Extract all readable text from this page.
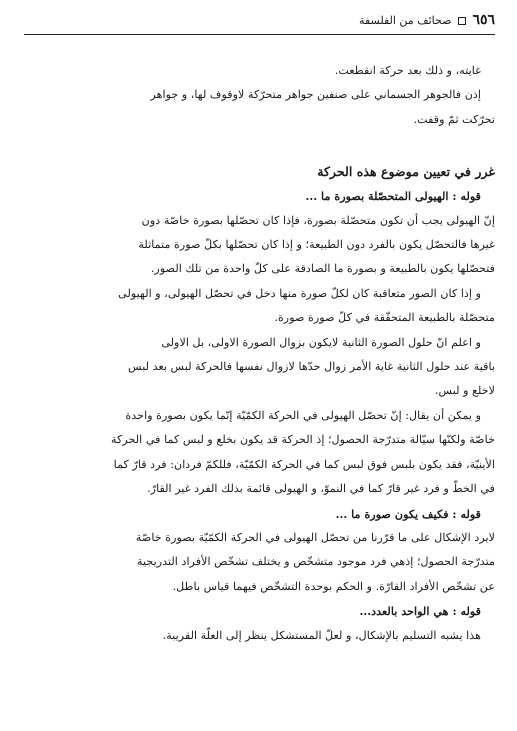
٦٥٦  صحائف من الفلسفة

غايته، و ذلك بعد حركة انقطعت.

إذن فالجوهر الجسماني على صنفين جواهر متحرّكة لاوقوف لها، و جواهر

تحرّكت ثمّ وقفت.

غرر في تعيين موضوع هذه الحركة

قوله : الهيولى المتحصّلة بصورة ما ...

إنّ الهيولى يجب أن تكون متحصّلة بصورة، فإذا كان تحصّلها بصورة خاصّة دون

غيرها فالتحصّل يكون بالفرد دون الطبيعة؛ و إذا كان تحصّلها بكلّ صورة متماثلة

فتحصّلها يكون بالطبيعة و بصورة ما الصادقة على كلّ واحدة من تلك الصور.

و إذا كان الصور متعاقبة كان لكلّ صورة منها دخل في تحصّل الهيولى، و الهيولى

متحصّلة بالطبيعة المتحقّقة في كلّ صورة صورة.

و اعلم انّ حلول الصورة الثانية لايكون بزوال الصورة الاولى، بل الاولى

باقية عند حلول الثانية غاية الأمر زوال حدّها لازوال نفسها فالحركة لبس بعد لبس

لاخلع و لبس.

و يمكن أن يقال: إنّ تحصّل الهيولى في الحركة الكمّيّة إنّما يكون بصورة واحدة

خاصّة ولكنّها سيّالة متدرّجة الحصول؛ إذ الحركة قد يكون بخلع و لبس كما في الحركة

الأينيّة، فقد يكون بلبس فوق لبس كما في الحركة الكمّيّة، فللكمّ فردان: فرد قارّ كما

في الخطّ و فرد غير قارّ كما في النموّ، و الهيولى قائمة بذلك الفرد غير القارّ.

قوله : فكيف يكون صورة ما ...

لايرد الإشكال على ما قرّرنا من تحصّل الهيولى في الحركة الكمّيّة بصورة خاصّة

متدرّجة الحصول؛ إذهي فرد موجود متشخّص و يختلف تشخّص الأفراد التدريجية

عن تشخّص الأفراد القارّة. و الحكم بوحدة التشخّص فيهما قياس باطل.

قوله : هي الواحد بالعدد...

هذا يشبه التسليم بالإشكال، و لعلّ المستشكل ينظر إلى العلّة القريبة.
